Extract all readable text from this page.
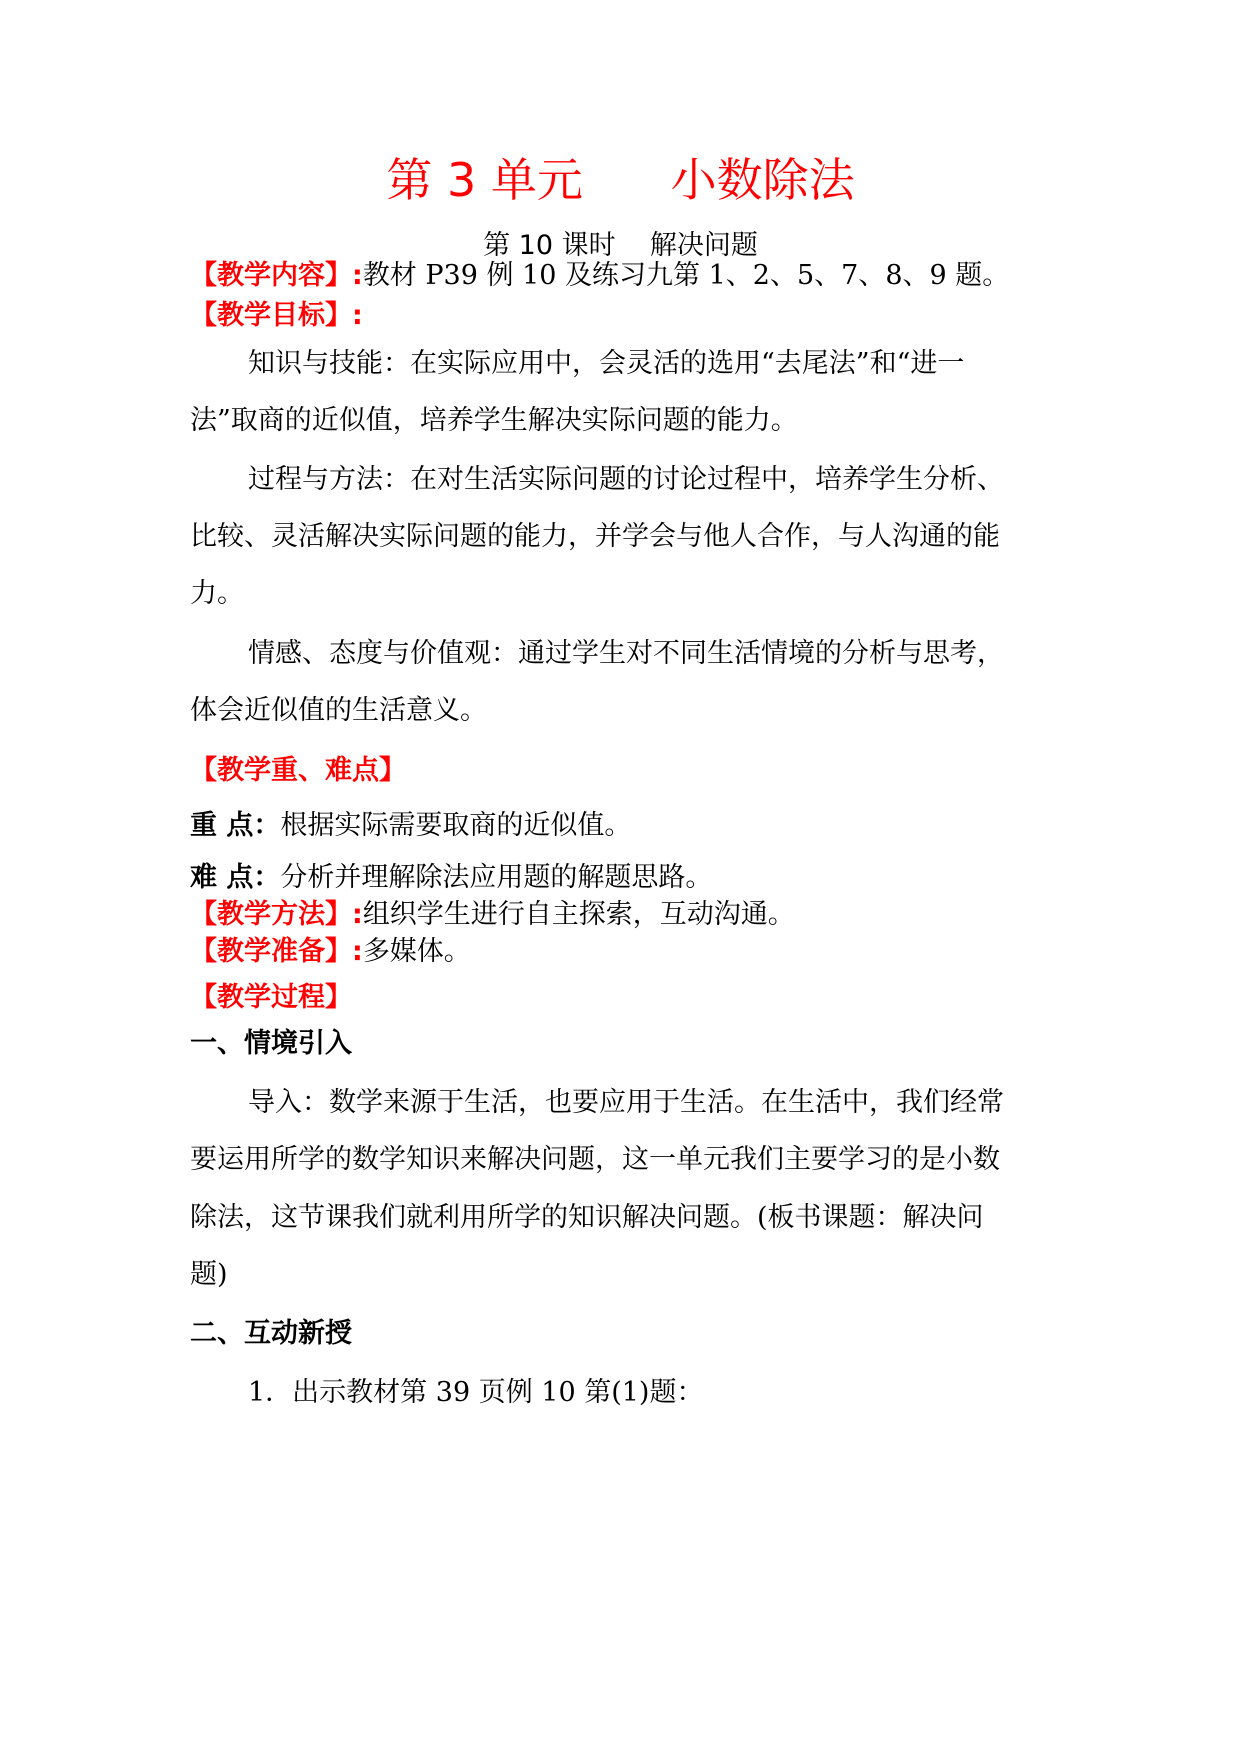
第 3 单元      小数除法
第 10 课时    解决问题
【教学内容】:教材 P39 例 10 及练习九第 1、2、5、7、8、9 题。
【教学目标】:
知识与技能：在实际应用中，会灵活的选用“去尾法”和“进一
法”取商的近似值，培养学生解决实际问题的能力。
过程与方法：在对生活实际问题的讨论过程中，培养学生分析、
比较、灵活解决实际问题的能力，并学会与他人合作，与人沟通的能
力。
情感、态度与价值观：通过学生对不同生活情境的分析与思考，
体会近似值的生活意义。
【教学重、难点】
重 点：根据实际需要取商的近似值。
难 点：分析并理解除法应用题的解题思路。
【教学方法】:组织学生进行自主探索，互动沟通。
【教学准备】:多媒体。
【教学过程】
一、情境引入
导入：数学来源于生活，也要应用于生活。在生活中，我们经常
要运用所学的数学知识来解决问题，这一单元我们主要学习的是小数
除法，这节课我们就利用所学的知识解决问题。(板书课题：解决问
题)
二、互动新授
1．出示教材第 39 页例 10 第(1)题：
